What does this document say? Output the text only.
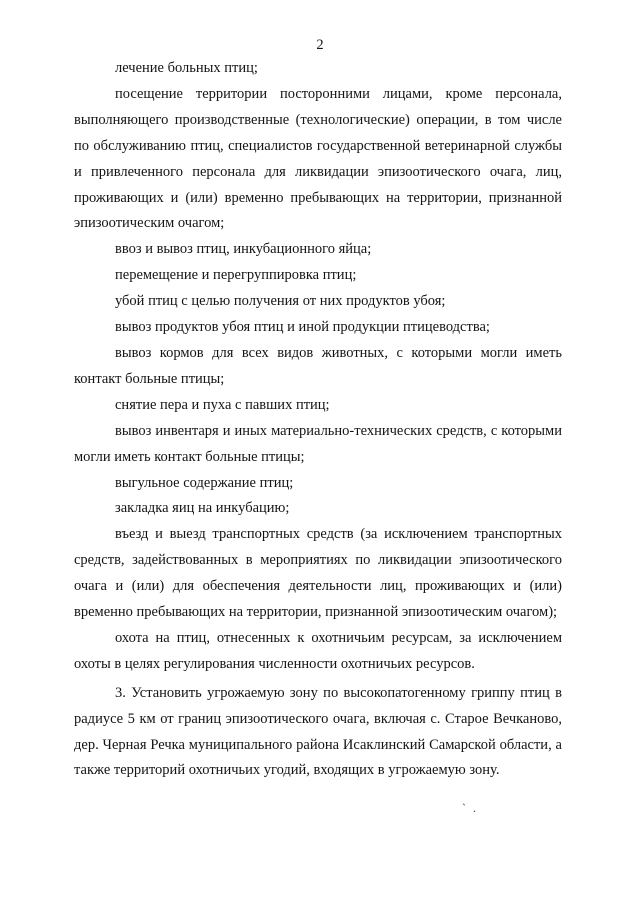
2

лечение больных птиц;

посещение территории посторонними лицами, кроме персонала, выполняющего производственные (технологические) операции, в том числе по обслуживанию птиц, специалистов государственной ветеринарной службы и привлеченного персонала для ликвидации эпизоотического очага, лиц, проживающих и (или) временно пребывающих на территории, признанной эпизоотическим очагом;

ввоз и вывоз птиц, инкубационного яйца;

перемещение и перегруппировка птиц;

убой птиц с целью получения от них продуктов убоя;

вывоз продуктов убоя птиц и иной продукции птицеводства;

вывоз кормов для всех видов животных, с которыми могли иметь контакт больные птицы;

снятие пера и пуха с павших птиц;

вывоз инвентаря и иных материально-технических средств, с которыми могли иметь контакт больные птицы;

выгульное содержание птиц;

закладка яиц на инкубацию;

въезд и выезд транспортных средств (за исключением транспортных средств, задействованных в мероприятиях по ликвидации эпизоотического очага и (или) для обеспечения деятельности лиц, проживающих и (или) временно пребывающих на территории, признанной эпизоотическим очагом);

охота на птиц, отнесенных к охотничьим ресурсам, за исключением охоты в целях регулирования численности охотничьих ресурсов.

3. Установить угрожаемую зону по высокопатогенному гриппу птиц в радиусе 5 км от границ эпизоотического очага, включая с. Старое Вечканово, дер. Черная Речка муниципального района Исаклинский Самарской области, а также территорий охотничьих угодий, входящих в угрожаемую зону.

` .
